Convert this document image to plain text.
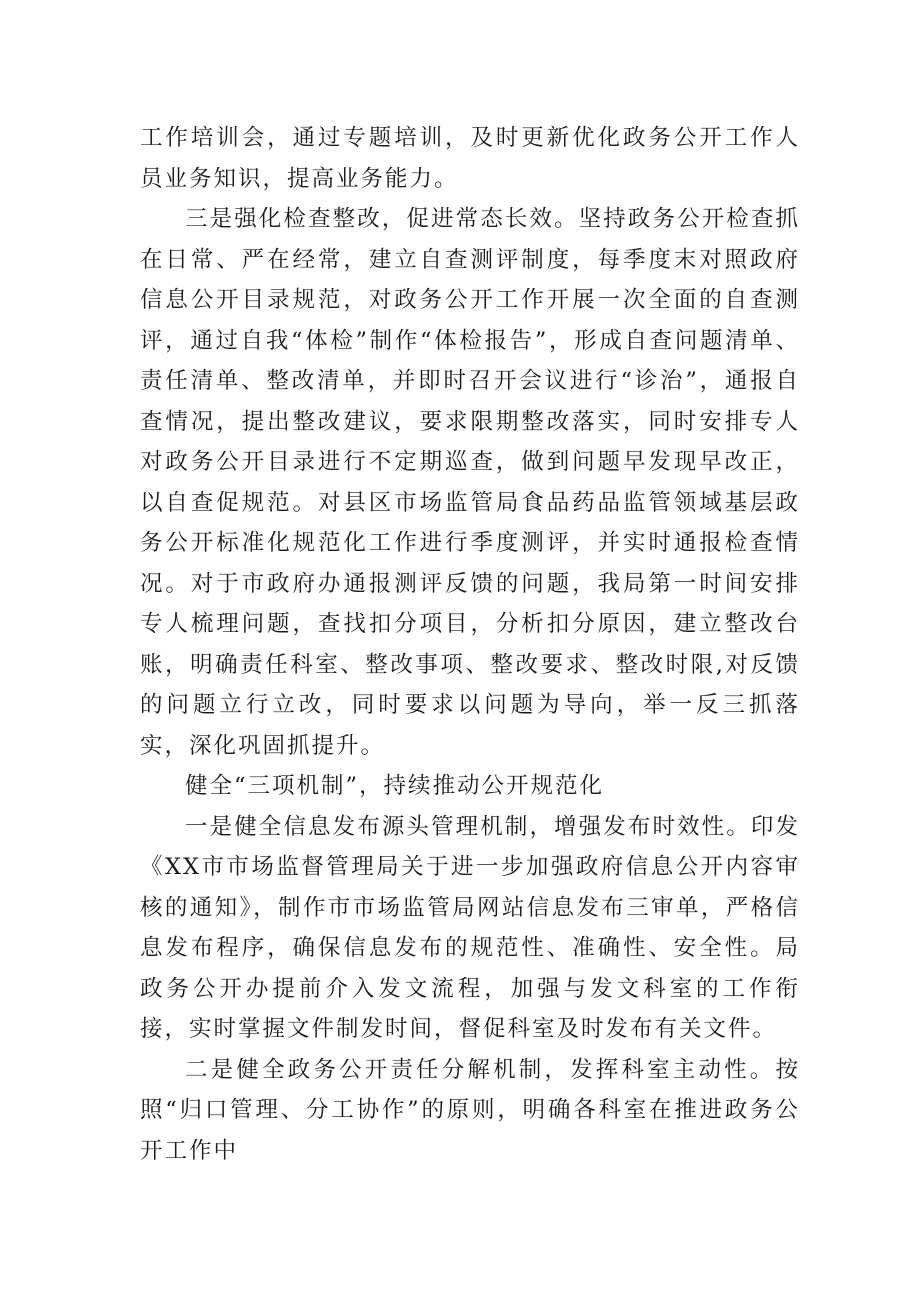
工作培训会，通过专题培训，及时更新优化政务公开工作人员业务知识，提高业务能力。

三是强化检查整改，促进常态长效。坚持政务公开检查抓在日常、严在经常，建立自查测评制度，每季度末对照政府信息公开目录规范，对政务公开工作开展一次全面的自查测评，通过自我“体检”制作“体检报告”，形成自查问题清单、责任清单、整改清单，并即时召开会议进行“诊治”，通报自查情况，提出整改建议，要求限期整改落实，同时安排专人对政务公开目录进行不定期巡查，做到问题早发现早改正，以自查促规范。对县区市场监管局食品药品监管领域基层政务公开标准化规范化工作进行季度测评，并实时通报检查情况。对于市政府办通报测评反馈的问题，我局第一时间安排专人梳理问题，查找扣分项目，分析扣分原因，建立整改台账，明确责任科室、整改事项、整改要求、整改时限,对反馈的问题立行立改，同时要求以问题为导向，举一反三抓落实，深化巩固抓提升。

健全“三项机制”，持续推动公开规范化

一是健全信息发布源头管理机制，增强发布时效性。印发《XX市市场监督管理局关于进一步加强政府信息公开内容审核的通知》，制作市市场监管局网站信息发布三审单，严格信息发布程序，确保信息发布的规范性、准确性、安全性。局政务公开办提前介入发文流程，加强与发文科室的工作衔接，实时掌握文件制发时间，督促科室及时发布有关文件。

二是健全政务公开责任分解机制，发挥科室主动性。按照“归口管理、分工协作”的原则，明确各科室在推进政务公开工作中
